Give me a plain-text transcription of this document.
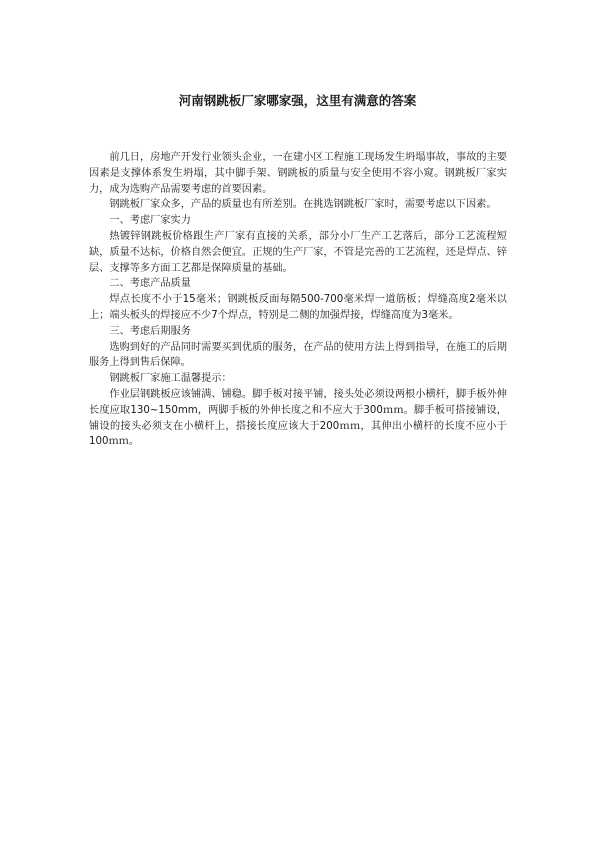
河南钢跳板厂家哪家强，这里有满意的答案

前几日，房地产开发行业领头企业，一在建小区工程施工现场发生坍塌事故，事故的主要因素是支撑体系发生坍塌，其中脚手架、钢跳板的质量与安全使用不容小窥。钢跳板厂家实力，成为选购产品需要考虑的首要因素。

钢跳板厂家众多，产品的质量也有所差别。在挑选钢跳板厂家时，需要考虑以下因素。

一、考虑厂家实力

热镀锌钢跳板价格跟生产厂家有直接的关系，部分小厂生产工艺落后，部分工艺流程短缺，质量不达标，价格自然会便宜。正规的生产厂家，不管是完善的工艺流程，还是焊点、锌层、支撑等多方面工艺都是保障质量的基础。

二、考虑产品质量

焊点长度不小于15毫米；钢跳板反面每隔500-700毫米焊一道筋板；焊缝高度2毫米以上；端头板头的焊接应不少7个焊点，特别是二侧的加强焊接，焊缝高度为3毫米。

三、考虑后期服务

选购到好的产品同时需要买到优质的服务，在产品的使用方法上得到指导，在施工的后期服务上得到售后保障。

钢跳板厂家施工温馨提示：

作业层钢跳板应该铺满、铺稳。脚手板对接平铺，接头处必须设两根小横杆，脚手板外伸长度应取130~150mm，两脚手板的外伸长度之和不应大于300ｍｍ。脚手板可搭接铺设，铺设的接头必须支在小横杆上，搭接长度应该大于200ｍｍ，其伸出小横杆的长度不应小于100ｍｍ。
